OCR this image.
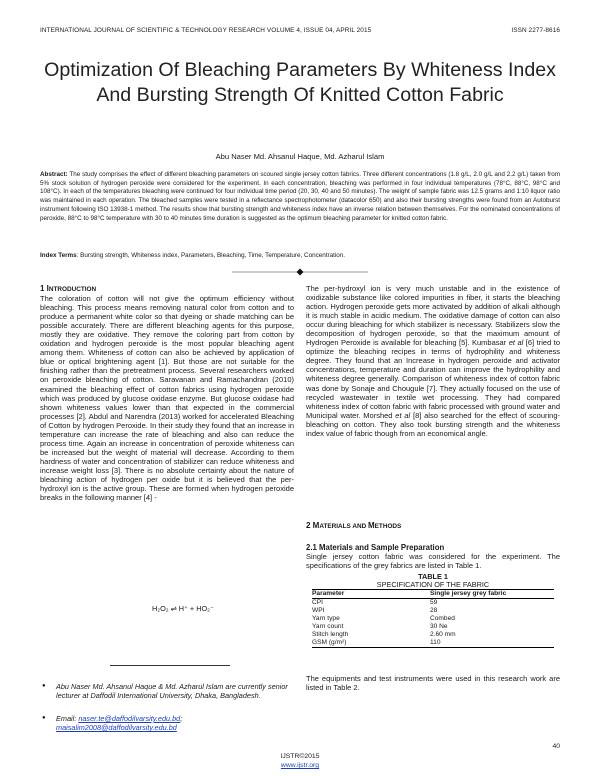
INTERNATIONAL JOURNAL OF SCIENTIFIC & TECHNOLOGY RESEARCH VOLUME 4, ISSUE 04, APRIL 2015	ISSN 2277-8616
Optimization Of Bleaching Parameters By Whiteness Index And Bursting Strength Of Knitted Cotton Fabric
Abu Naser Md. Ahsanul Haque, Md. Azharul Islam
Abstract: The study comprises the effect of different bleaching parameters on scoured single jersey cotton fabrics. Three different concentrations (1.8 g/L, 2.0 g/L and 2.2 g/L) taken from 5% stock solution of hydrogen peroxide were considered for the experiment. In each concentration, bleaching was performed in four individual temperatures (78°C, 88°C, 98°C and 108°C). In each of the temperatures bleaching were continued for four individual time period (20, 30, 40 and 50 minutes). The weight of sample fabric was 12.5 grams and 1:10 liquor ratio was maintained in each operation. The bleached samples were tested in a reflectance spectrophotometer (datacolor 650) and also their bursting strengths were found from an Autoburst instrument following ISO 13938-1 method. The results show that bursting strength and whiteness index have an inverse relation between themselves. For the nominated concentrations of peroxide, 88°C to 98°C temperature with 30 to 40 minutes time duration is suggested as the optimum bleaching parameter for knitted cotton fabric.
Index Terms: Bursting strength, Whiteness index, Parameters, Bleaching, Time, Temperature, Concentration.
1 INTRODUCTION

The coloration of cotton will not give the optimum efficiency without bleaching. This process means removing natural color from cotton and to produce a permanent white color so that dyeing or shade matching can be possible accurately. There are different bleaching agents for this purpose, mostly they are oxidative. They remove the coloring part from cotton by oxidation and hydrogen peroxide is the most popular bleaching agent among them. Whiteness of cotton can also be achieved by application of blue or optical brightening agent [1]. But those are not suitable for the finishing rather than the pretreatment process. Several researchers worked on peroxide bleaching of cotton. Saravanan and Ramachandran (2010) examined the bleaching effect of cotton fabrics using hydrogen peroxide which was produced by glucose oxidase enzyme. But glucose oxidase had shown whiteness values lower than that expected in the commercial processes [2]. Abdul and Narendra (2013) worked for accelerated Bleaching of Cotton by hydrogen Peroxide. In their study they found that an increase in temperature can increase the rate of bleaching and also can reduce the process time. Again an increase in concentration of peroxide whiteness can be increased but the weight of material will decrease. According to them hardness of water and concentration of stabilizer can reduce whiteness and increase weight loss [3]. There is no absolute certainty about the nature of bleaching action of hydrogen per oxide but it is believed that the per-hydroxyl ion is the active group. These are formed when hydrogen peroxide breaks in the following manner [4] -

H₂O₂ ⇌ H⁺ + HO₂⁻
● Abu Naser Md. Ahsanul Haque & Md. Azharul Islam are currently senior lecturer at Daffodil International University, Dhaka, Bangladesh.
● Email: naser.te@daffodilvarsity.edu.bd;
maisalim2008@daffodilvarsity.edu.bd

The per-hydroxyl ion is very much unstable and in the existence of oxidizable substance like colored impurities in fiber, it starts the bleaching action. Hydrogen peroxide gets more activated by addition of alkali although it is much stable in acidic medium. The oxidative damage of cotton can also occur during bleaching for which stabilizer is necessary. Stabilizers slow the decomposition of hydrogen peroxide, so that the maximum amount of Hydrogen Peroxide is available for bleaching [5]. Kumbasar et al [6] tried to optimize the bleaching recipes in terms of hydrophility and whiteness degree. They found that an Increase in hydrogen peroxide and activator concentrations, temperature and duration can improve the hydrophility and whiteness degree generally. Comparison of whiteness index of cotton fabric was done by Sonaje and Chougule [7]. They actually focused on the use of recycled wastewater in textile wet processing. They had compared whiteness index of cotton fabric with fabric processed with ground water and Municipal water. Morshed et al [8] also searched for the effect of scouring- bleaching on cotton. They also took bursting strength and the whiteness index value of fabric though from an economical angle.

2 MATERIALS AND METHODS
2.1 Materials and Sample Preparation

Single jersey cotton fabric was considered for the experiment. The specifications of the grey fabrics are listed in Table 1.

TABLE 1
SPECIFICATION OF THE FABRIC
Parameter	Single jersey grey fabric
CPI	59
WPI	28
Yarn type	Combed
Yarn count	30 Ne
Stitch length	2.60 mm
GSM (g/m²)	110
The equipments and test instruments were used in this research work are listed in Table 2.
40
IJSTR©2015
www.ijstr.org
